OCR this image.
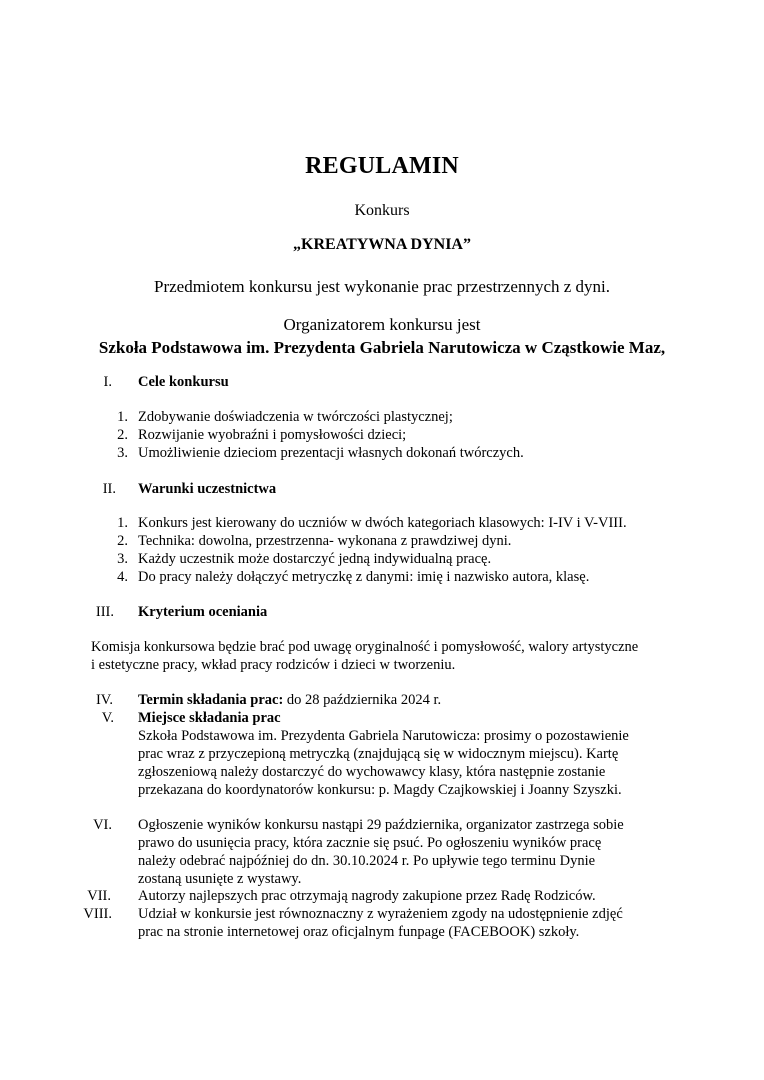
REGULAMIN
Konkurs
„KREATYWNA DYNIA”
Przedmiotem konkursu jest wykonanie prac przestrzennych z dyni.
Organizatorem konkursu jest
Szkoła Podstawowa im. Prezydenta Gabriela Narutowicza w Cząstkowie Maz,
I. Cele konkursu
1. Zdobywanie doświadczenia w twórczości plastycznej;
2. Rozwijanie wyobraźni i pomysłowości dzieci;
3. Umożliwienie dzieciom prezentacji własnych dokonań twórczych.
II. Warunki uczestnictwa
1. Konkurs jest kierowany do uczniów w dwóch kategoriach klasowych: I-IV i V-VIII.
2. Technika: dowolna, przestrzenna- wykonana z prawdziwej dyni.
3. Każdy uczestnik może dostarczyć jedną indywidualną pracę.
4. Do pracy należy dołączyć metryczkę z danymi: imię i nazwisko autora, klasę.
III. Kryterium oceniania
Komisja konkursowa będzie brać pod uwagę oryginalność i pomysłowość, walory artystyczne
i estetyczne pracy, wkład pracy rodziców i dzieci w tworzeniu.
IV. Termin składania prac: do 28 października 2024 r.
V. Miejsce składania prac
Szkoła Podstawowa im. Prezydenta Gabriela Narutowicza: prosimy o pozostawienie
prac wraz z przyczepioną metryczką (znajdującą się w widocznym miejscu). Kartę
zgłoszeniową należy dostarczyć do wychowawcy klasy, która następnie zostanie
przekazana do koordynatorów konkursu: p. Magdy Czajkowskiej i Joanny Szyszki.
VI. Ogłoszenie wyników konkursu nastąpi 29 października, organizator zastrzega sobie
prawo do usunięcia pracy, która zacznie się psuć. Po ogłoszeniu wyników pracę
należy odebrać najpóźniej do dn. 30.10.2024 r. Po upływie tego terminu Dynie
zostaną usunięte z wystawy.
VII. Autorzy najlepszych prac otrzymają nagrody zakupione przez Radę Rodziców.
VIII. Udział w konkursie jest równoznaczny z wyrażeniem zgody na udostępnienie zdjęć
prac na stronie internetowej oraz oficjalnym funpage (FACEBOOK) szkoły.
